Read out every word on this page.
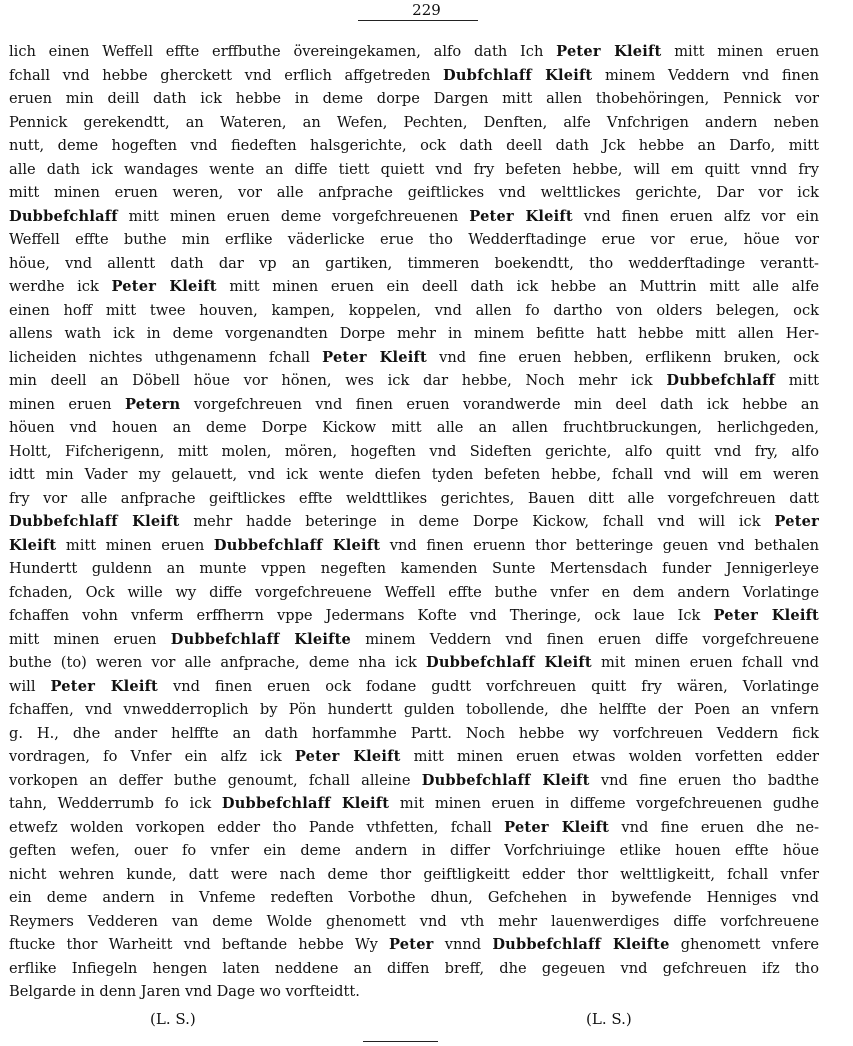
229
lich einen Weffell effte erffbuthe övereingekamen, alfo dath Ich Peter Kleift mitt minen eruen
fchall vnd hebbe gherckett vnd erflich affgetreden Dubfchlaff Kleift minem Veddern vnd finen
eruen min deill dath ick hebbe in deme dorpe Dargen mitt allen thobehöringen, Pennick vor
Pennick gerekendtt, an Wateren, an Wefen, Pechten, Denften, alfe Vnfchrigen andern neben
nutt, deme hogeften vnd fiedeften halsgerichte, ock dath deell dath Jck hebbe an Darfo, mitt
alle dath ick wandages wente an diffe tiett quiett vnd fry befeten hebbe, will em quitt vnnd fry
mitt minen eruen weren, vor alle anfprache geiftlickes vnd welttlickes gerichte, Dar vor ick
Dubbefchlaff mitt minen eruen deme vorgefchreuenen Peter Kleift vnd finen eruen alfz vor ein
Weffell effte buthe min erflike väderlicke erue tho Wedderftadinge erue vor erue, höue vor
höue, vnd allentt dath dar vp an gartiken, timmeren boekendtt, tho wedderftadinge verantt-
werdhe ick Peter Kleift mitt minen eruen ein deell dath ick hebbe an Muttrin mitt alle alfe
einen hoff mitt twee houven, kampen, koppelen, vnd allen fo dartho von olders belegen, ock
allens wath ick in deme vorgenandten Dorpe mehr in minem befitte hatt hebbe mitt allen Her-
licheiden nichtes uthgenamenn fchall Peter Kleift vnd fine eruen hebben, erflikenn bruken, ock
min deell an Döbell höue vor hönen, wes ick dar hebbe, Noch mehr ick Dubbefchlaff mitt
minen eruen Petern vorgefchreuen vnd finen eruen vorandwerde min deel dath ick hebbe an
höuen vnd houen an deme Dorpe Kickow mitt alle an allen fruchtbruckungen, herlichgeden,
Holtt, Fifcherigenn, mitt molen, mören, hogeften vnd Sideften gerichte, alfo quitt vnd fry, alfo
idtt min Vader my gelauett, vnd ick wente diefen tyden befeten hebbe, fchall vnd will em weren
fry vor alle anfprache geiftlickes effte weldttlikes gerichtes, Bauen ditt alle vorgefchreuen datt
Dubbefchlaff Kleift mehr hadde beteringe in deme Dorpe Kickow, fchall vnd will ick Peter
Kleift mitt minen eruen Dubbefchlaff Kleift vnd finen eruenn thor betteringe geuen vnd bethalen
Hundertt guldenn an munte vppen negeften kamenden Sunte Mertensdach funder Jennigerleye
fchaden, Ock wille wy diffe vorgefchreuene Weffell effte buthe vnfer en dem andern Vorlatinge
fchaffen vohn vnferm erffherrn vppe Jedermans Kofte vnd Theringe, ock laue Ick Peter Kleift
mitt minen eruen Dubbefchlaff Kleifte minem Veddern vnd finen eruen diffe vorgefchreuene
buthe (to) weren vor alle anfprache, deme nha ick Dubbefchlaff Kleift mit minen eruen fchall vnd
will Peter Kleift vnd finen eruen ock fodane gudtt vorfchreuen quitt fry wären, Vorlatinge
fchaffen, vnd vnwedderroplich by Pön hundertt gulden tobollende, dhe helffte der Poen an vnfern
g. H., dhe ander helffte an dath horfammhe Partt. Noch hebbe wy vorfchreuen Veddern fick
vordragen, fo Vnfer ein alfz ick Peter Kleift mitt minen eruen etwas wolden vorfetten edder
vorkopen an deffer buthe genoumt, fchall alleine Dubbefchlaff Kleift vnd fine eruen tho badthe
tahn, Wedderrumb fo ick Dubbefchlaff Kleift mit minen eruen in diffeme vorgefchreuenen gudhe
etwefz wolden vorkopen edder tho Pande vthfetten, fchall Peter Kleift vnd fine eruen dhe ne-
geften wefen, ouer fo vnfer ein deme andern in differ Vorfchriuinge etlike houen effte höue
nicht wehren kunde, datt were nach deme thor geiftligkeitt edder thor welttligkeitt, fchall vnfer
ein deme andern in Vnfeme redeften Vorbothe dhun, Gefchehen in bywefende Henniges vnd
Reymers Vedderen van deme Wolde ghenomett vnd vth mehr lauenwerdiges diffe vorfchreuene
ftucke thor Warheitt vnd beftande hebbe Wy Peter vnnd Dubbefchlaff Kleifte ghenomett vnfere
erflike Infiegeln hengen laten neddene an diffen breff, dhe gegeuen vnd gefchreuen ifz tho
Belgarde in denn Jaren vnd Dage wo vorfteidtt.
(L. S.)	(L. S.)
